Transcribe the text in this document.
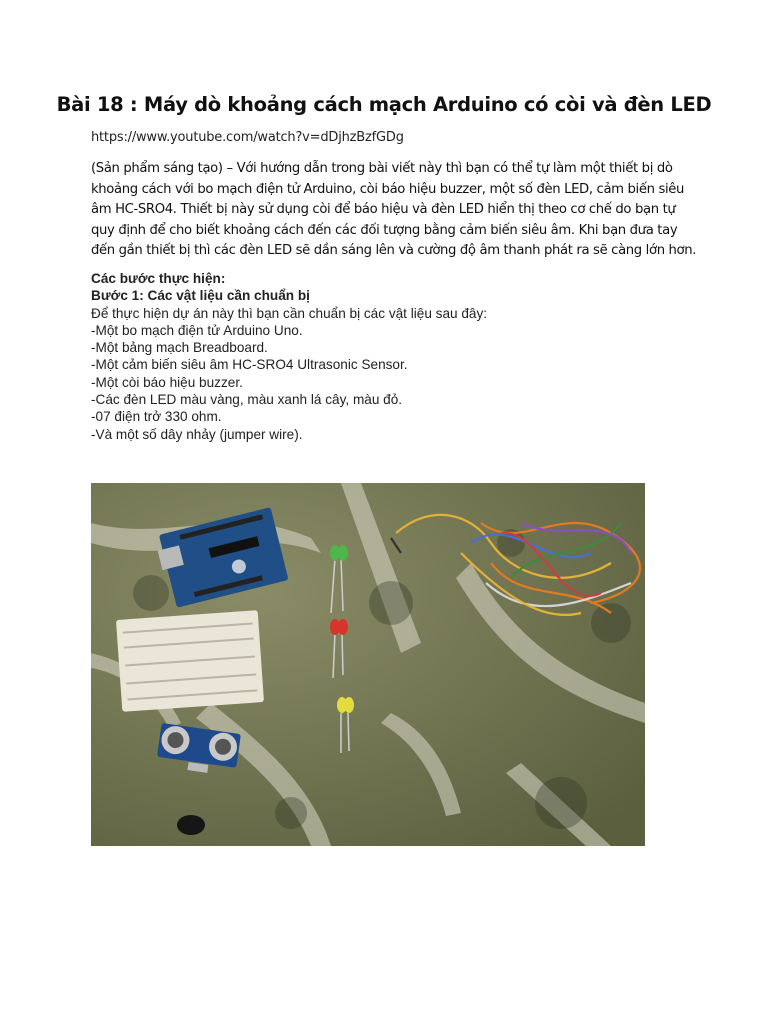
Bài 18 : Máy dò khoảng cách mạch Arduino có còi và đèn LED
https://www.youtube.com/watch?v=dDjhzBzfGDg
(Sản phẩm sáng tạo) – Với hướng dẫn trong bài viết này thì bạn có thể tự làm một thiết bị dò
khoảng cách với bo mạch điện tử Arduino, còi báo hiệu buzzer, một số đèn LED, cảm biến siêu
âm HC-SRO4. Thiết bị này sử dụng còi để báo hiệu và đèn LED hiển thị theo cơ chế do bạn tự
quy định để cho biết khoảng cách đến các đối tượng bằng cảm biến siêu âm. Khi bạn đưa tay
đến gần thiết bị thì các đèn LED sẽ dần sáng lên và cường độ âm thanh phát ra sẽ càng lớn hơn.
Các bước thực hiện:
Bước 1: Các vật liệu cần chuẩn bị
Để thực hiện dự án này thì bạn cần chuẩn bị các vật liệu sau đây:
-Một bo mạch điện tử Arduino Uno.
-Một bảng mạch Breadboard.
-Một cảm biến siêu âm HC-SRO4 Ultrasonic Sensor.
-Một còi báo hiệu buzzer.
-Các đèn LED màu vàng, màu xanh lá cây, màu đỏ.
-07 điện trở 330 ohm.
-Và một số dây nhảy (jumper wire).
